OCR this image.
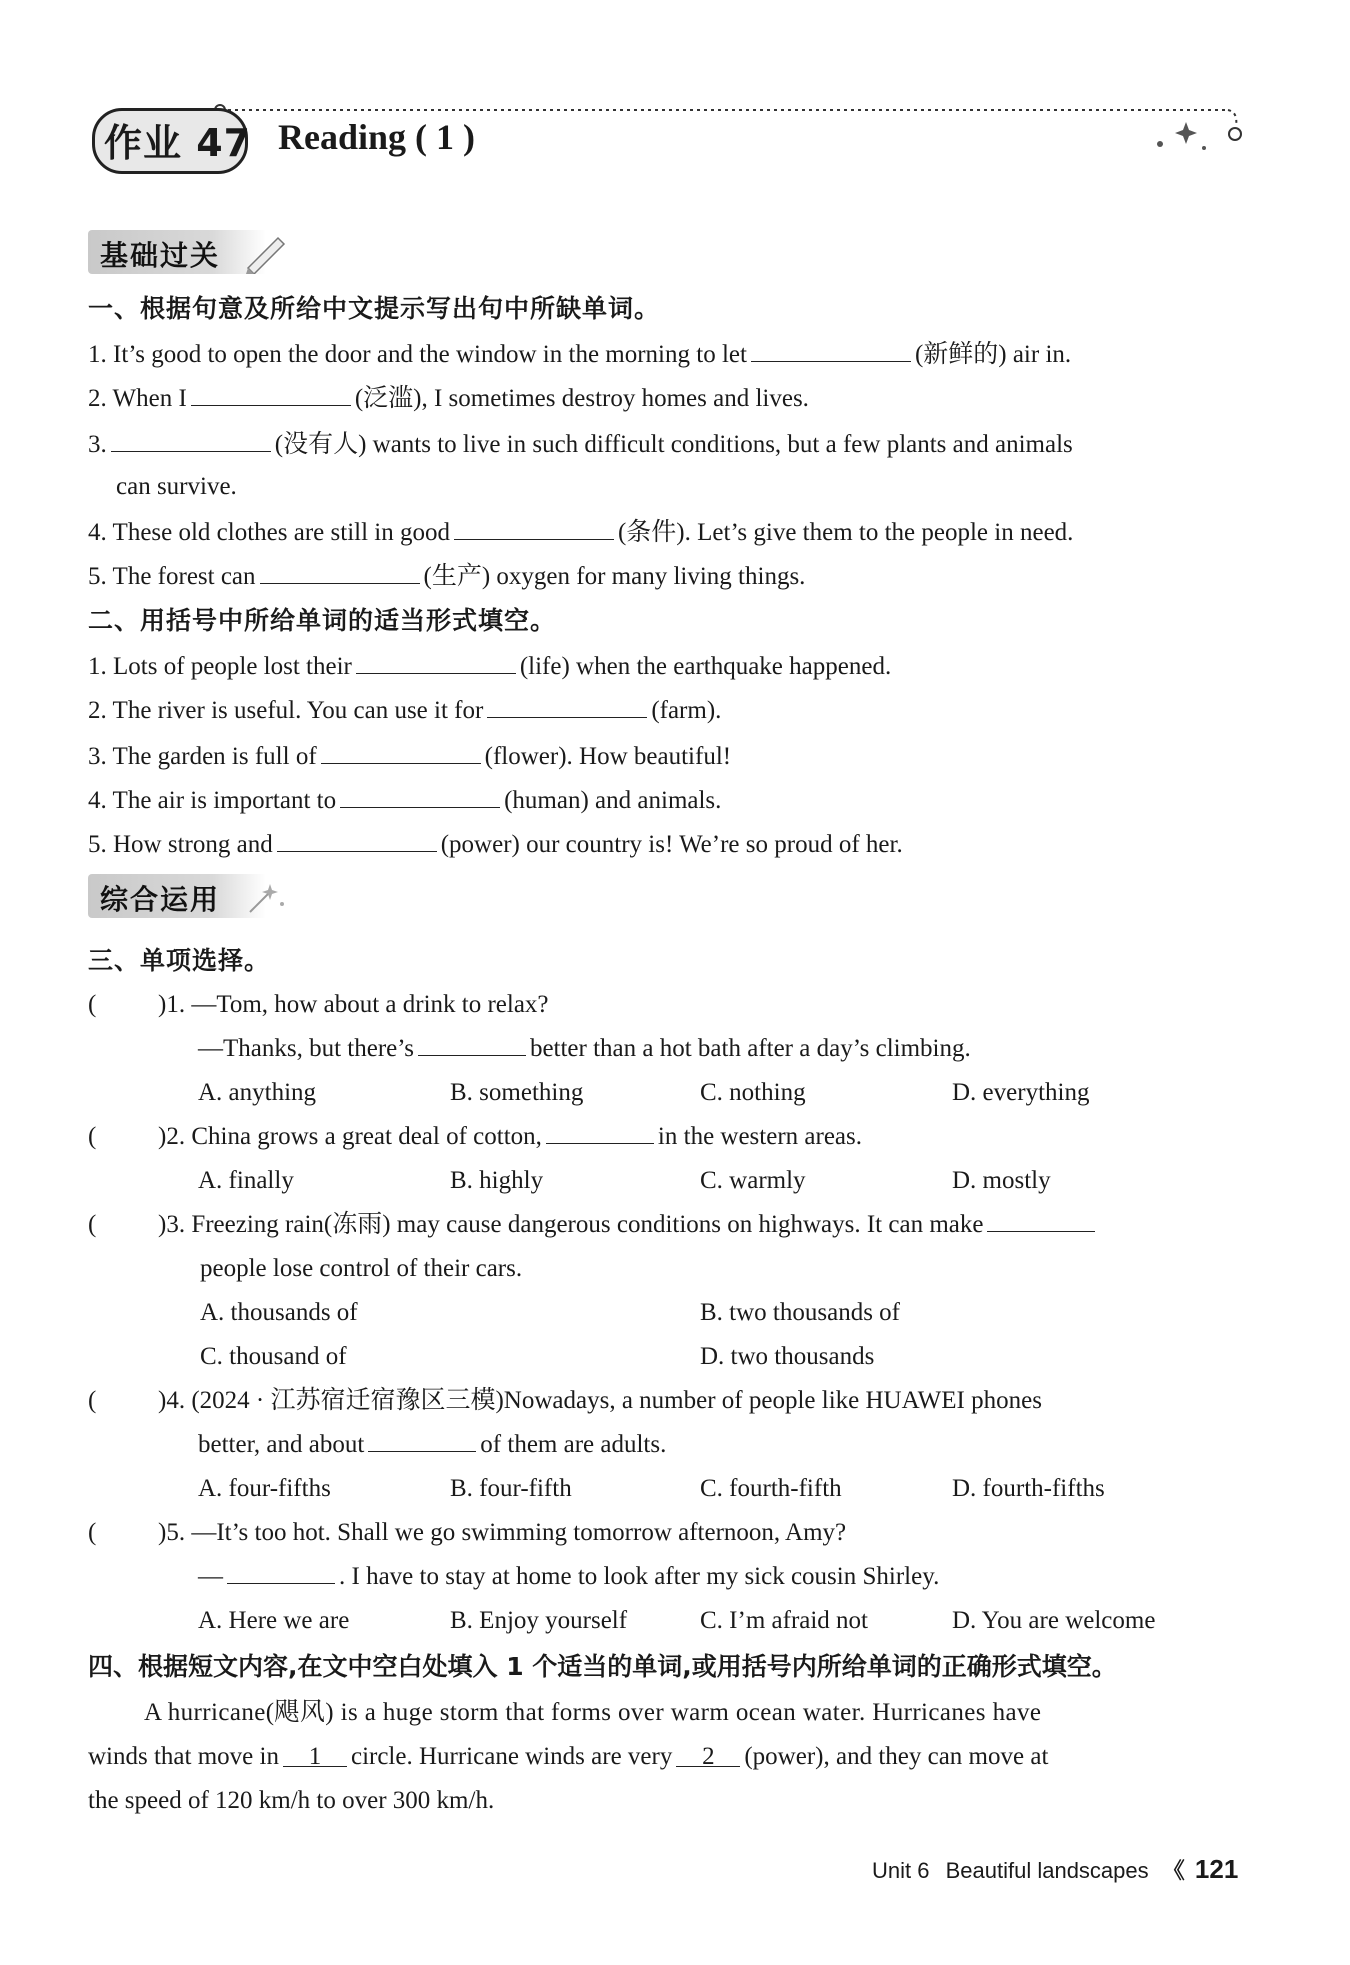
作业 47 Reading ( 1 )
基础过关
一、根据句意及所给中文提示写出句中所缺单词。
1. It’s good to open the door and the window in the morning to let	(新鲜的) air in.
2. When I	(泛滥), I sometimes destroy homes and lives.
3.	(没有人) wants to live in such difficult conditions, but a few plants and animals
can survive.
4. These old clothes are still in good	(条件). Let’s give them to the people in need.
5. The forest can	(生产) oxygen for many living things.
二、用括号中所给单词的适当形式填空。
1. Lots of people lost their	(life) when the earthquake happened.
2. The river is useful. You can use it for	(farm).
3. The garden is full of	(flower). How beautiful!
4. The air is important to	(human) and animals.
5. How strong and	(power) our country is! We’re so proud of her.
综合运用
三、单项选择。
( )1. —Tom, how about a drink to relax?
—Thanks, but there’s	better than a hot bath after a day’s climbing.
A. anything	B. something	C. nothing	D. everything
( )2. China grows a great deal of cotton,	in the western areas.
A. finally	B. highly	C. warmly	D. mostly
( )3. Freezing rain(冻雨) may cause dangerous conditions on highways. It can make
people lose control of their cars.
A. thousands of	B. two thousands of
C. thousand of	D. two thousands
( )4. (2024 · 江苏宿迁宿豫区三模)Nowadays, a number of people like HUAWEI phones
better, and about	of them are adults.
A. four-fifths	B. four-fifth	C. fourth-fifth	D. fourth-fifths
( )5. —It’s too hot. Shall we go swimming tomorrow afternoon, Amy?
—	. I have to stay at home to look after my sick cousin Shirley.
A. Here we are	B. Enjoy yourself	C. I’m afraid not	D. You are welcome
四、根据短文内容,在文中空白处填入 1 个适当的单词,或用括号内所给单词的正确形式填空。
A hurricane(飓风) is a huge storm that forms over warm ocean water. Hurricanes have
winds that move in 1 circle. Hurricane winds are very 2 (power), and they can move at
the speed of 120 km/h to over 300 km/h.
Unit 6 Beautiful landscapes 《 121
